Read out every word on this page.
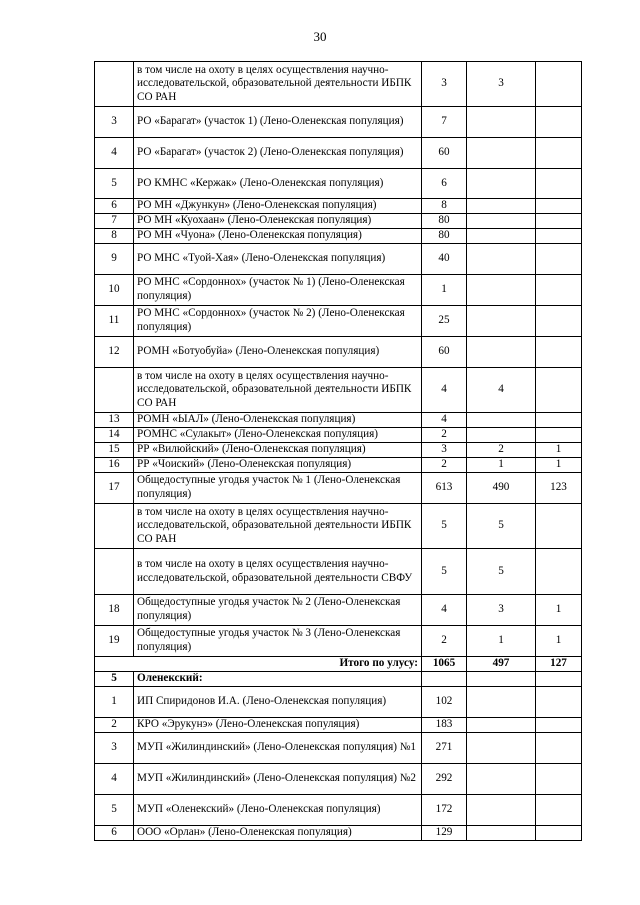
30
	в том числе на охоту в целях осуществления научно-исследовательской, образовательной деятельности ИБПК СО РАН	3	3	
3	РО «Барагат» (участок 1) (Лено-Оленекская популяция)	7		
4	РО «Барагат» (участок 2) (Лено-Оленекская популяция)	60		
5	РО КМНС «Кержак» (Лено-Оленекская популяция)	6		
6	РО МН «Джункун» (Лено-Оленекская популяция)	8		
7	РО МН «Куохаан» (Лено-Оленекская популяция)	80		
8	РО МН «Чуона» (Лено-Оленекская популяция)	80		
9	РО МНС «Туой-Хая» (Лено-Оленекская популяция)	40		
10	РО МНС «Сордоннох» (участок № 1) (Лено-Оленекская популяция)	1		
11	РО МНС «Сордоннох» (участок № 2) (Лено-Оленекская популяция)	25		
12	РОМН «Ботуобуйа» (Лено-Оленекская популяция)	60		
	в том числе на охоту в целях осуществления научно-исследовательской, образовательной деятельности ИБПК СО РАН	4	4	
13	РОМН «ЫАЛ» (Лено-Оленекская популяция)	4		
14	РОМНС «Сулакыт» (Лено-Оленекская популяция)	2		
15	РР «Вилюйский» (Лено-Оленекская популяция)	3	2	1
16	РР «Чоиский» (Лено-Оленекская популяция)	2	1	1
17	Общедоступные угодья участок № 1 (Лено-Оленекская популяция)	613	490	123
	в том числе на охоту в целях осуществления научно-исследовательской, образовательной деятельности ИБПК СО РАН	5	5	
	в том числе на охоту в целях осуществления научно-исследовательской, образовательной деятельности СВФУ	5	5	
18	Общедоступные угодья участок № 2 (Лено-Оленекская популяция)	4	3	1
19	Общедоступные угодья участок № 3 (Лено-Оленекская популяция)	2	1	1
Итого по улусу:		1065	497	127
5	Оленекский:			
1	ИП Спиридонов И.А. (Лено-Оленекская популяция)	102		
2	КРО «Эрукунэ» (Лено-Оленекская популяция)	183		
3	МУП «Жилиндинский» (Лено-Оленекская популяция) №1	271		
4	МУП «Жилиндинский» (Лено-Оленекская популяция) №2	292		
5	МУП «Оленекский» (Лено-Оленекская популяция)	172		
6	ООО «Орлан» (Лено-Оленекская популяция)	129		
